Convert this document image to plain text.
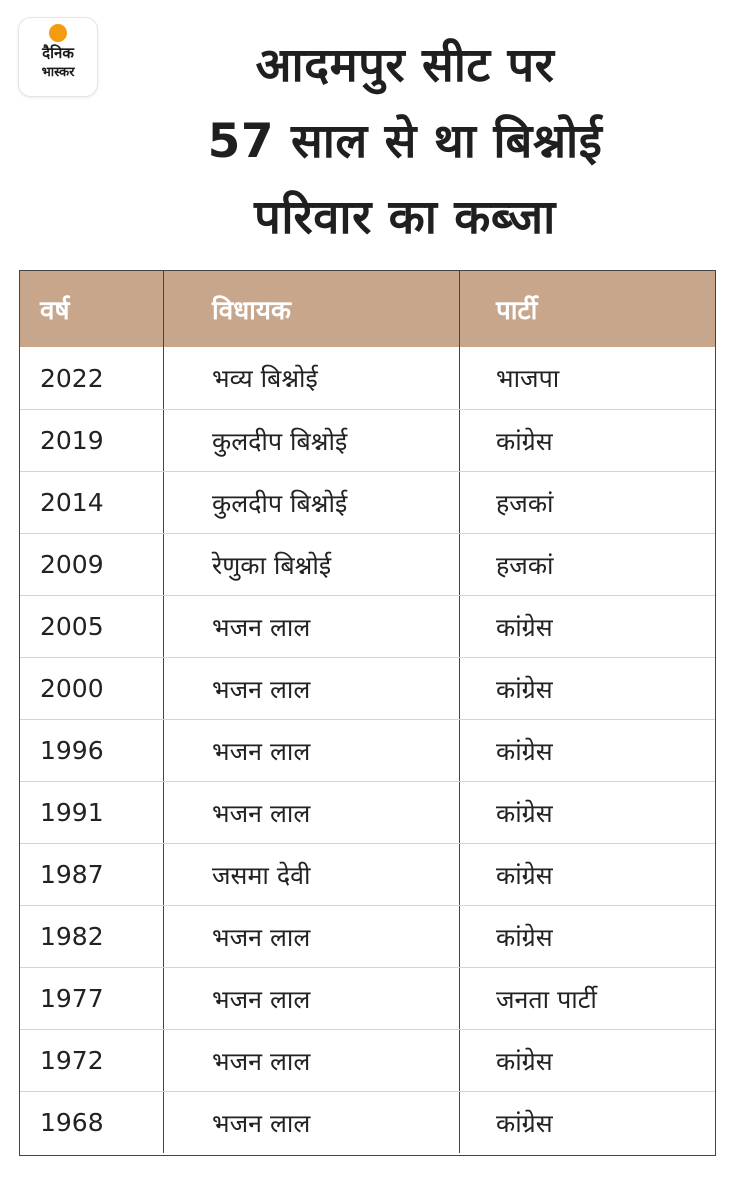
दैनिक
भास्कर	आदमपुर सीट पर
57 साल से था बिश्नोई
परिवार का कब्जा
वर्ष	विधायक	पार्टी
2022	भव्य बिश्नोई	भाजपा
2019	कुलदीप बिश्नोई	कांग्रेस
2014	कुलदीप बिश्नोई	हजकां
2009	रेणुका बिश्नोई	हजकां
2005	भजन लाल	कांग्रेस
2000	भजन लाल	कांग्रेस
1996	भजन लाल	कांग्रेस
1991	भजन लाल	कांग्रेस
1987	जसमा देवी	कांग्रेस
1982	भजन लाल	कांग्रेस
1977	भजन लाल	जनता पार्टी
1972	भजन लाल	कांग्रेस
1968	भजन लाल	कांग्रेस
